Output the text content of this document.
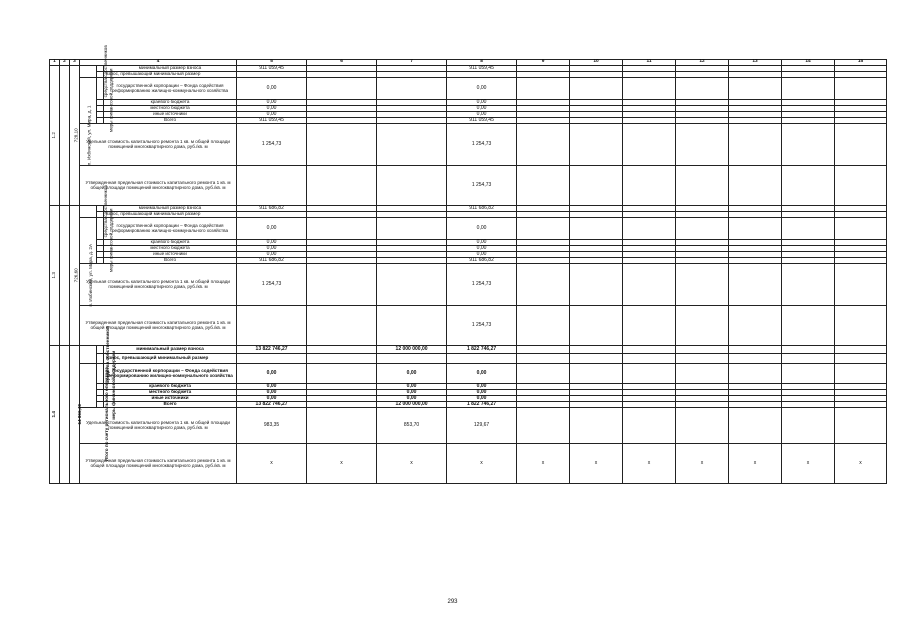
1	2	3	4			5	6	7	8	9	10	11	12	13	14	15
1.2	п. Ихбинский, ул. Мира, д. 1	728,10	средства собственников		минимальный размер взноса	911 059,45			911 059,45							
					взнос, превышающий минимальный размер											
			меры финансовой поддержки		государственной корпорации – Фонда содействия реформированию жилищно-коммунального хозяйства	0,00			0,00							
					краевого бюджета	0,00			0,00							
					местного бюджета	0,00			0,00							
					иные источники	0,00			0,00							
					Всего	911 059,45			911 059,45							
			Удельная стоимость капитального ремонта 1 кв. м общей площади помещений многоквартирного дома, руб./кв. м			1 254,73			1 254,73							
			Утвержденная предельная стоимость капитального ремонта 1 кв. м общей площади помещений многоквартирного дома, руб./кв. м						1 254,73							
1.3	п. Ихбинский, ул. Мира, д. 2А	726,60	средства собственников		минимальный размер взноса	911 686,82			911 686,82							
					взнос, превышающий минимальный размер											
			меры финансовой поддержки		государственной корпорации – Фонда содействия реформированию жилищно-коммунального хозяйства	0,00			0,00							
					краевого бюджета	0,00			0,00							
					местного бюджета	0,00			0,00							
					иные источники	0,00			0,00							
					Всего	911 686,82			911 686,82							
			Удельная стоимость капитального ремонта 1 кв. м общей площади помещений многоквартирного дома, руб./кв. м			1 254,73			1 254,73							
			Утвержденная предельная стоимость капитального ремонта 1 кв. м общей площади помещений многоквартирного дома, руб./кв. м						1 254,73							
1.4	Итого по счету регионального оператора	14 066,40	средства собственников		минимальный размер взноса	13 822 746,27		12 000 000,00	1 822 746,27							
					взнос, превышающий минимальный размер											
			меры финансовой поддержки		государственной корпорации – Фонда содействия реформированию жилищно-коммунального хозяйства	0,00		0,00	0,00							
					краевого бюджета	0,00		0,00	0,00							
					местного бюджета	0,00		0,00	0,00							
					иные источники	0,00		0,00	0,00							
					Всего	13 822 746,27		12 000 000,00	1 822 746,27							
			Удельная стоимость капитального ремонта 1 кв. м общей площади помещений многоквартирного дома, руб./кв. м			983,35		853,70	129,67							
			Утвержденная предельная стоимость капитального ремонта 1 кв. м общей площади помещений многоквартирного дома, руб./кв. м			x	x	x	x	x	x	x	x	x	x	x
293
